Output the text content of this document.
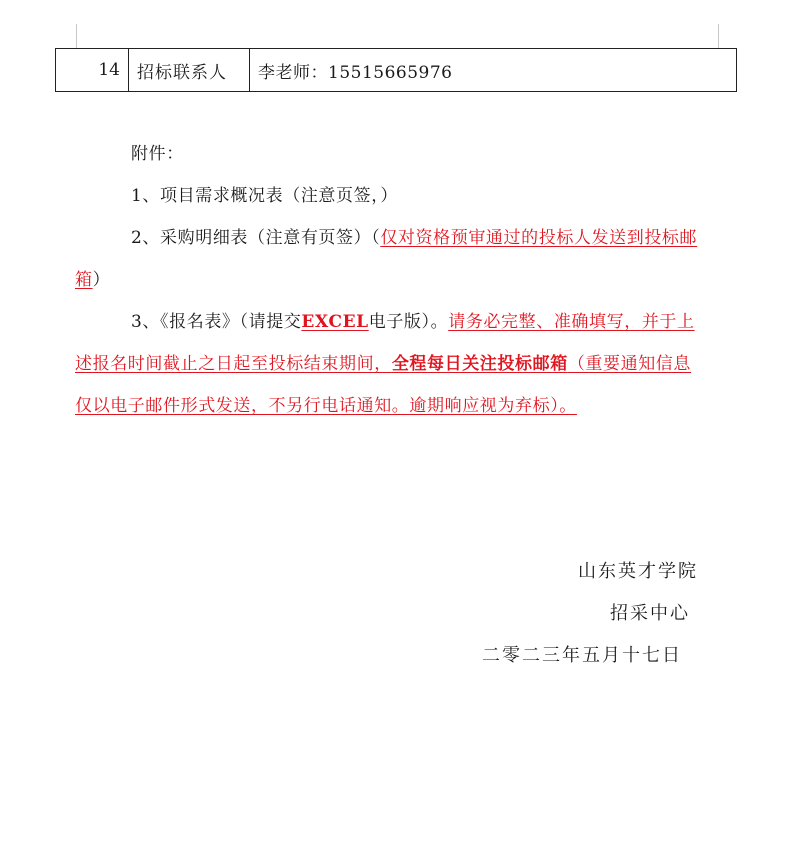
14	招标联系人	李老师：15515665976

附件：

1、项目需求概况表（注意页签，）

2、采购明细表（注意有页签）（仅对资格预审通过的投标人发送到投标邮箱）

3、《报名表》（请提交EXCEL电子版）。请务必完整、准确填写，并于上述报名时间截止之日起至投标结束期间，全程每日关注投标邮箱（重要通知信息仅以电子邮件形式发送，不另行电话通知。逾期响应视为弃标）。

山东英才学院
招采中心
二零二三年五月十七日
